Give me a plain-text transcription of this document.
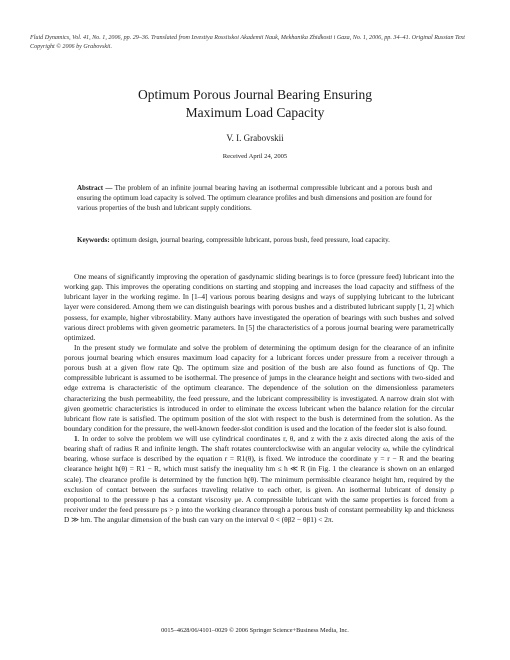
Fluid Dynamics, Vol. 41, No. 1, 2006, pp. 29–36. Translated from Izvestiya Rossiiskoi Akademii Nauk, Mekhanika Zhidkosti i Gaza, No. 1, 2006, pp. 34–41. Original Russian Text Copyright © 2006 by Grabovskii.
Optimum Porous Journal Bearing Ensuring
Maximum Load Capacity
V. I. Grabovskii
Received April 24, 2005
Abstract — The problem of an infinite journal bearing having an isothermal compressible lubricant and a porous bush and ensuring the optimum load capacity is solved. The optimum clearance profiles and bush dimensions and position are found for various properties of the bush and lubricant supply conditions.
Keywords: optimum design, journal bearing, compressible lubricant, porous bush, feed pressure, load capacity.

One means of significantly improving the operation of gasdynamic sliding bearings is to force (pressure feed) lubricant into the working gap. This improves the operating conditions on starting and stopping and increases the load capacity and stiffness of the lubricant layer in the working regime. In [1–4] various porous bearing designs and ways of supplying lubricant to the lubricant layer were considered. Among them we can distinguish bearings with porous bushes and a distributed lubricant supply [1, 2] which possess, for example, higher vibrostability. Many authors have investigated the operation of bearings with such bushes and solved various direct problems with given geometric parameters. In [5] the characteristics of a porous journal bearing were parametrically optimized.

In the present study we formulate and solve the problem of determining the optimum design for the clearance of an infinite porous journal bearing which ensures maximum load capacity for a lubricant forces under pressure from a receiver through a porous bush at a given flow rate Qp. The optimum size and position of the bush are also found as functions of Qp. The compressible lubricant is assumed to be isothermal. The presence of jumps in the clearance height and sections with two-sided and edge extrema is characteristic of the optimum clearance. The dependence of the solution on the dimensionless parameters characterizing the bush permeability, the feed pressure, and the lubricant compressibility is investigated. A narrow drain slot with given geometric characteristics is introduced in order to eliminate the excess lubricant when the balance relation for the circular lubricant flow rate is satisfied. The optimum position of the slot with respect to the bush is determined from the solution. As the boundary condition for the pressure, the well-known feeder-slot condition is used and the location of the feeder slot is also found.

1. In order to solve the problem we will use cylindrical coordinates r, θ, and z with the z axis directed along the axis of the bearing shaft of radius R and infinite length. The shaft rotates counterclockwise with an angular velocity ω, while the cylindrical bearing, whose surface is described by the equation r = R1(θ), is fixed. We introduce the coordinate y = r − R and the bearing clearance height h(θ) = R1 − R, which must satisfy the inequality hm ≤ h ≪ R (in Fig. 1 the clearance is shown on an enlarged scale). The clearance profile is determined by the function h(θ). The minimum permissible clearance height hm, required by the exclusion of contact between the surfaces traveling relative to each other, is given. An isothermal lubricant of density ρ proportional to the pressure p has a constant viscosity μe. A compressible lubricant with the same properties is forced from a receiver under the feed pressure ps > p into the working clearance through a porous bush of constant permeability kp and thickness D ≫ hm. The angular dimension of the bush can vary on the interval 0 < (θβ2 − θβ1) < 2π.

0015–4628/06/4101–0029 © 2006 Springer Science+Business Media, Inc.
